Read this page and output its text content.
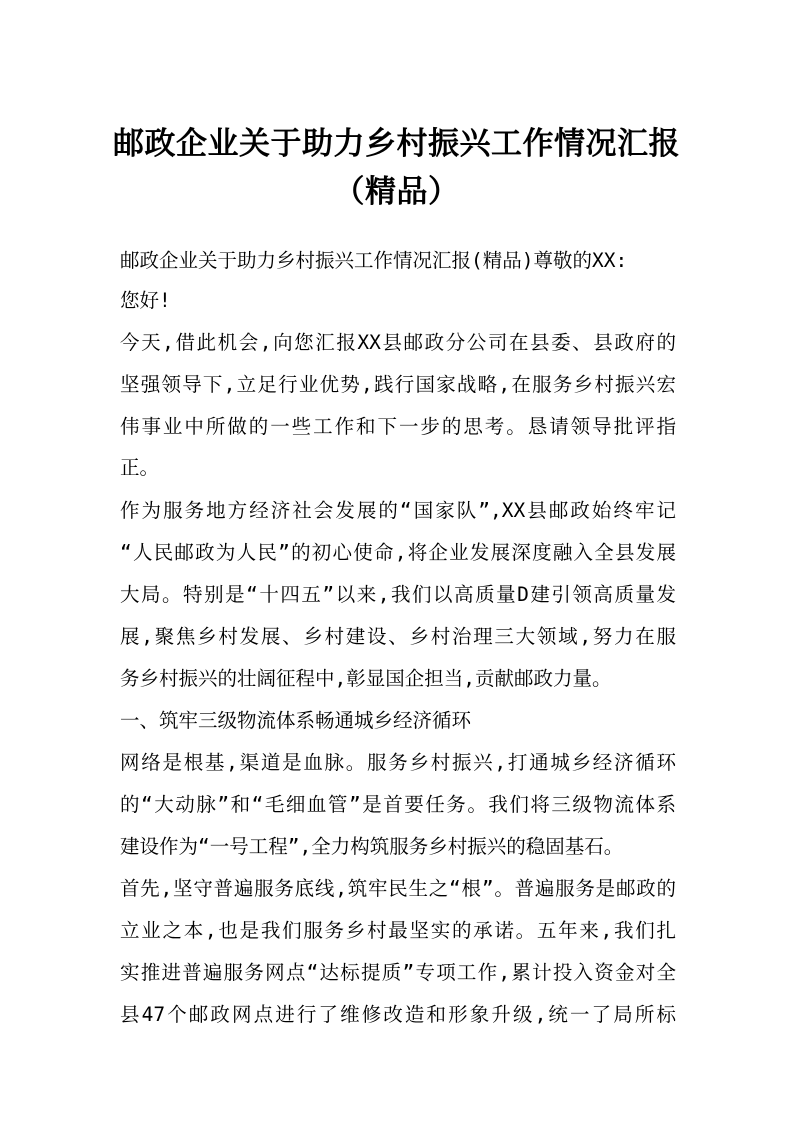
邮政企业关于助力乡村振兴工作情况汇报
（精品）
邮政企业关于助力乡村振兴工作情况汇报(精品)尊敬的XX:
您好!
今天,借此机会,向您汇报XX县邮政分公司在县委、县政府的
坚强领导下,立足行业优势,践行国家战略,在服务乡村振兴宏
伟事业中所做的一些工作和下一步的思考。恳请领导批评指
正。
作为服务地方经济社会发展的“国家队”,XX县邮政始终牢记
“人民邮政为人民”的初心使命,将企业发展深度融入全县发展
大局。特别是“十四五”以来,我们以高质量D建引领高质量发
展,聚焦乡村发展、乡村建设、乡村治理三大领域,努力在服
务乡村振兴的壮阔征程中,彰显国企担当,贡献邮政力量。
一、筑牢三级物流体系畅通城乡经济循环
网络是根基,渠道是血脉。服务乡村振兴,打通城乡经济循环
的“大动脉”和“毛细血管”是首要任务。我们将三级物流体系
建设作为“一号工程”,全力构筑服务乡村振兴的稳固基石。
首先,坚守普遍服务底线,筑牢民生之“根”。普遍服务是邮政的
立业之本,也是我们服务乡村最坚实的承诺。五年来,我们扎
实推进普遍服务网点“达标提质”专项工作,累计投入资金对全
县47个邮政网点进行了维修改造和形象升级,统一了局所标
